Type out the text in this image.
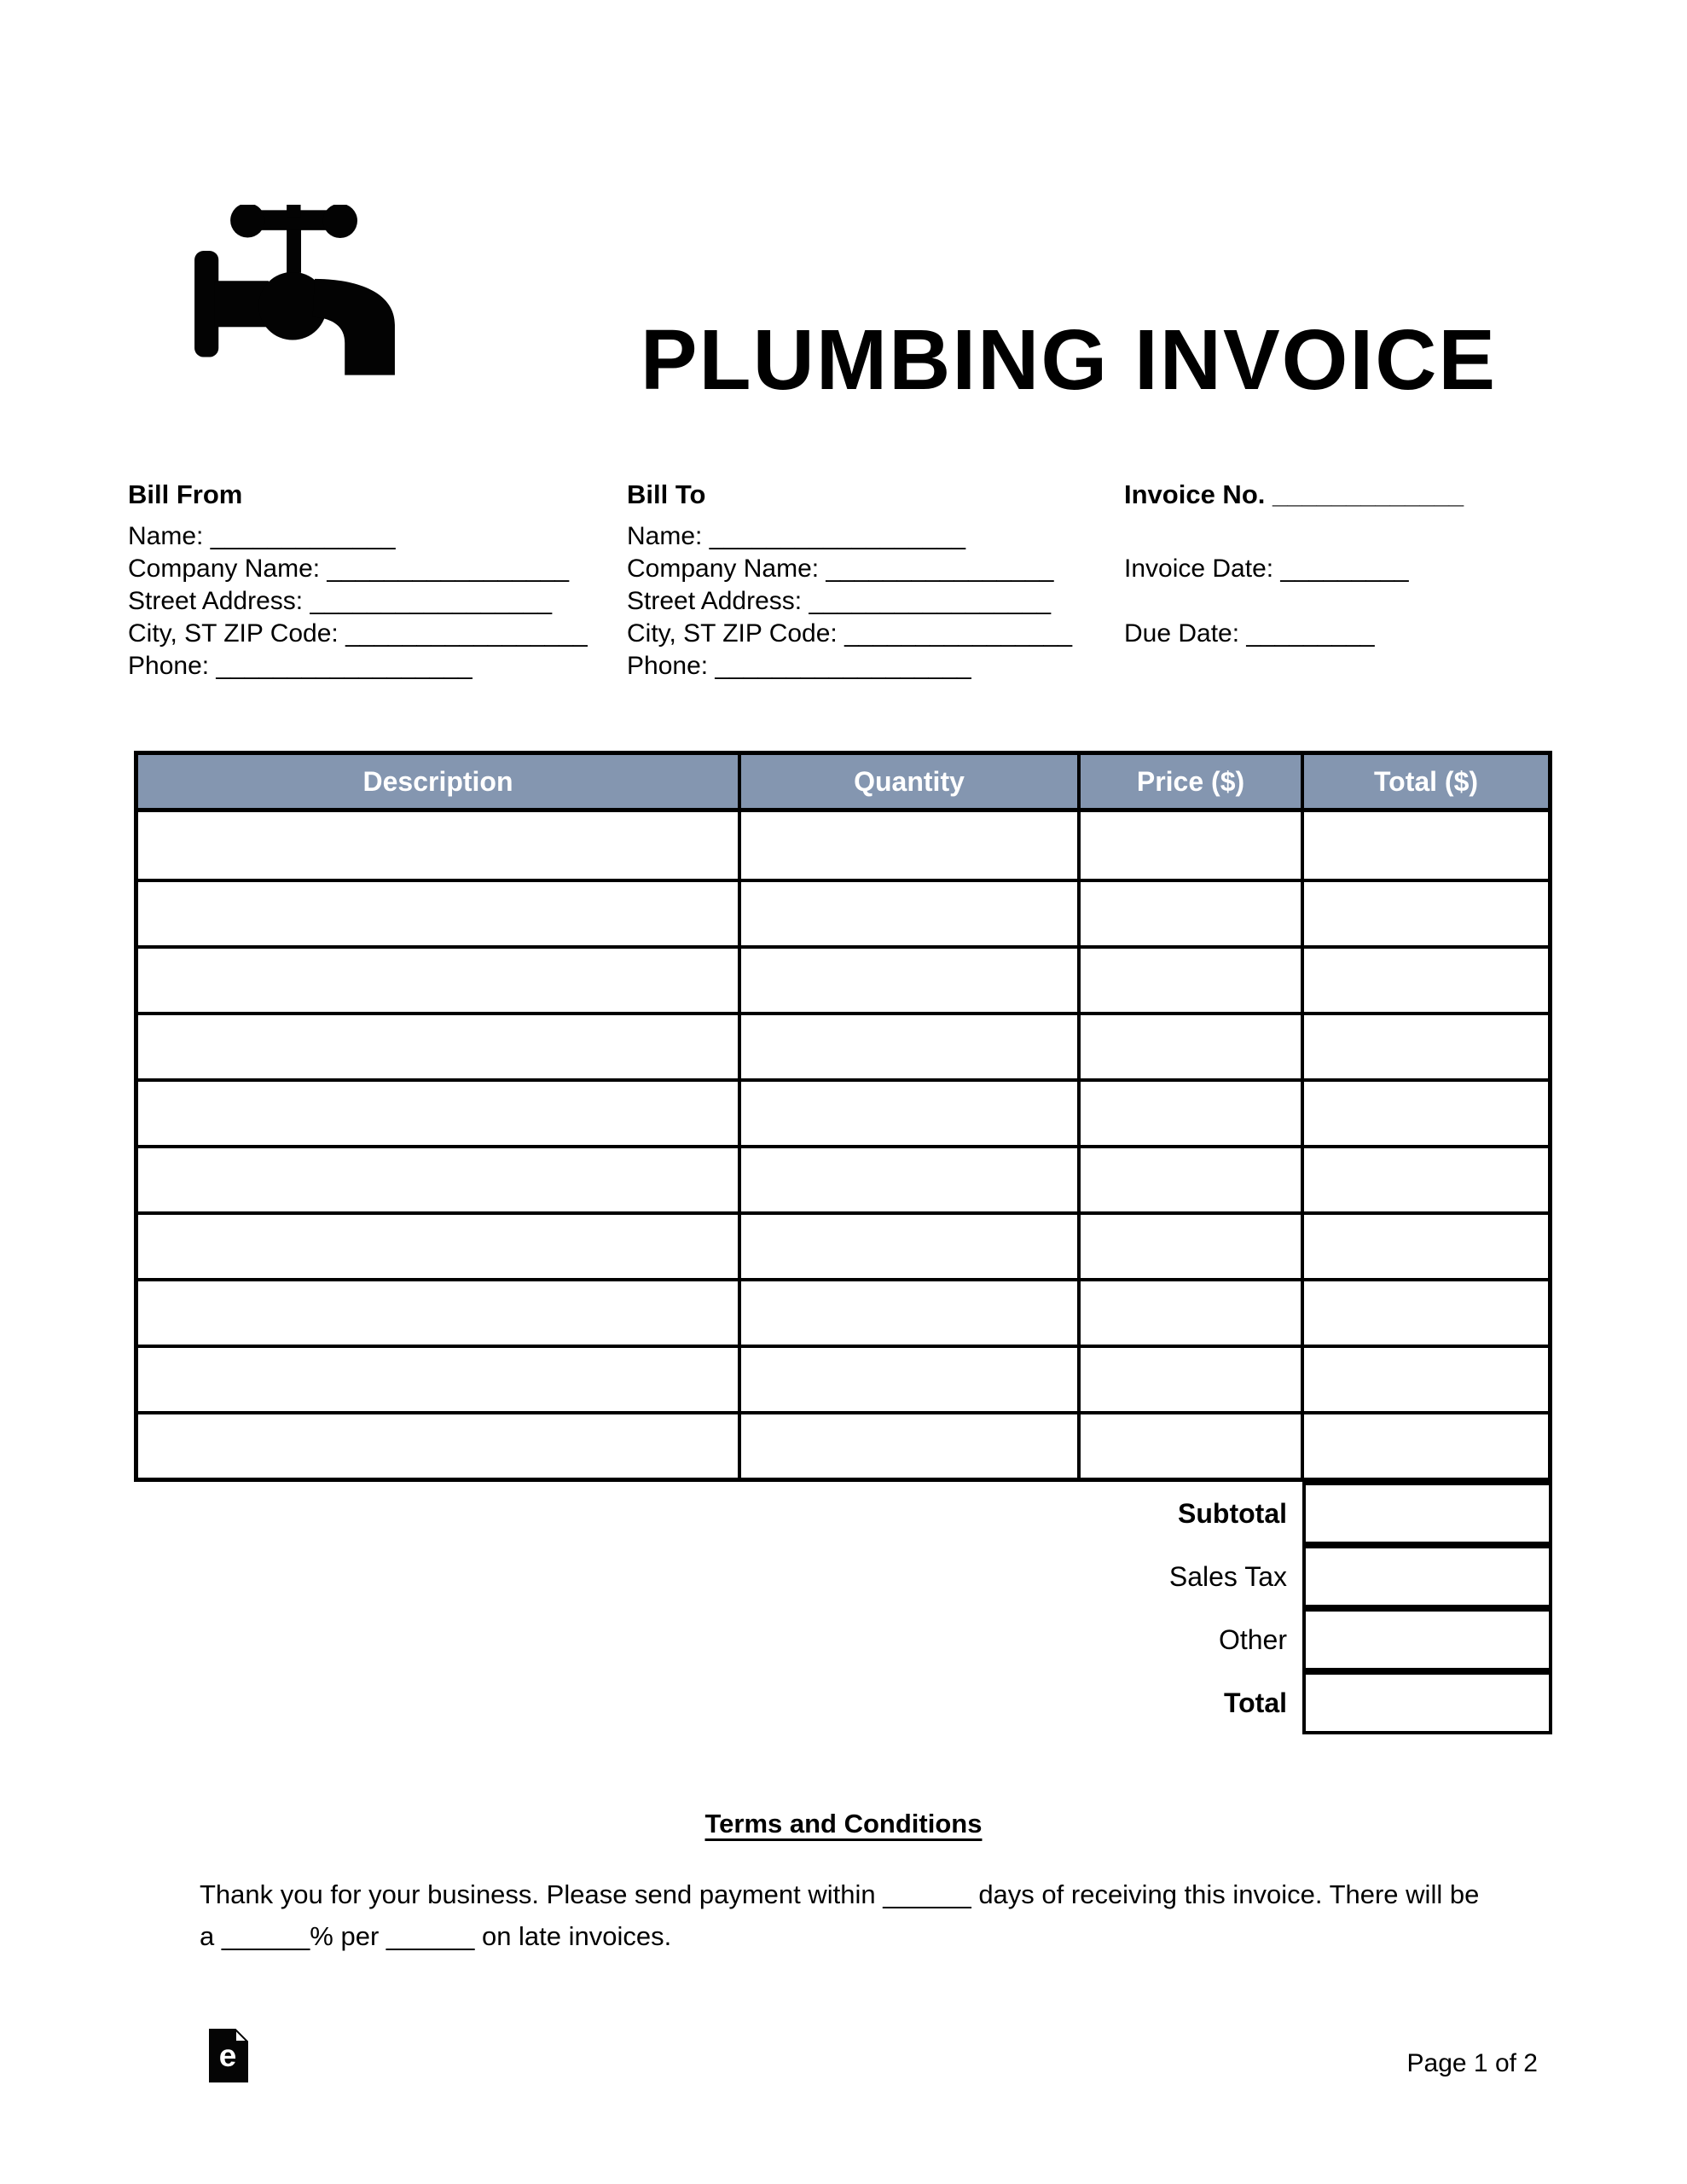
PLUMBING INVOICE
Bill From
Name: _____________
Company Name: _________________
Street Address: _________________
City, ST ZIP Code: _________________
Phone: __________________
Bill To
Name: __________________
Company Name: ________________
Street Address: _________________
City, ST ZIP Code: ________________
Phone: __________________
Invoice No. _____________
Invoice Date: _________
Due Date: _________
Description	Quantity	Price ($)	Total ($)
Subtotal
Sales Tax
Other
Total
Terms and Conditions
Thank you for your business. Please send payment within ______ days of receiving this invoice. There will be a ______% per ______ on late invoices.
e	Page 1 of 2
